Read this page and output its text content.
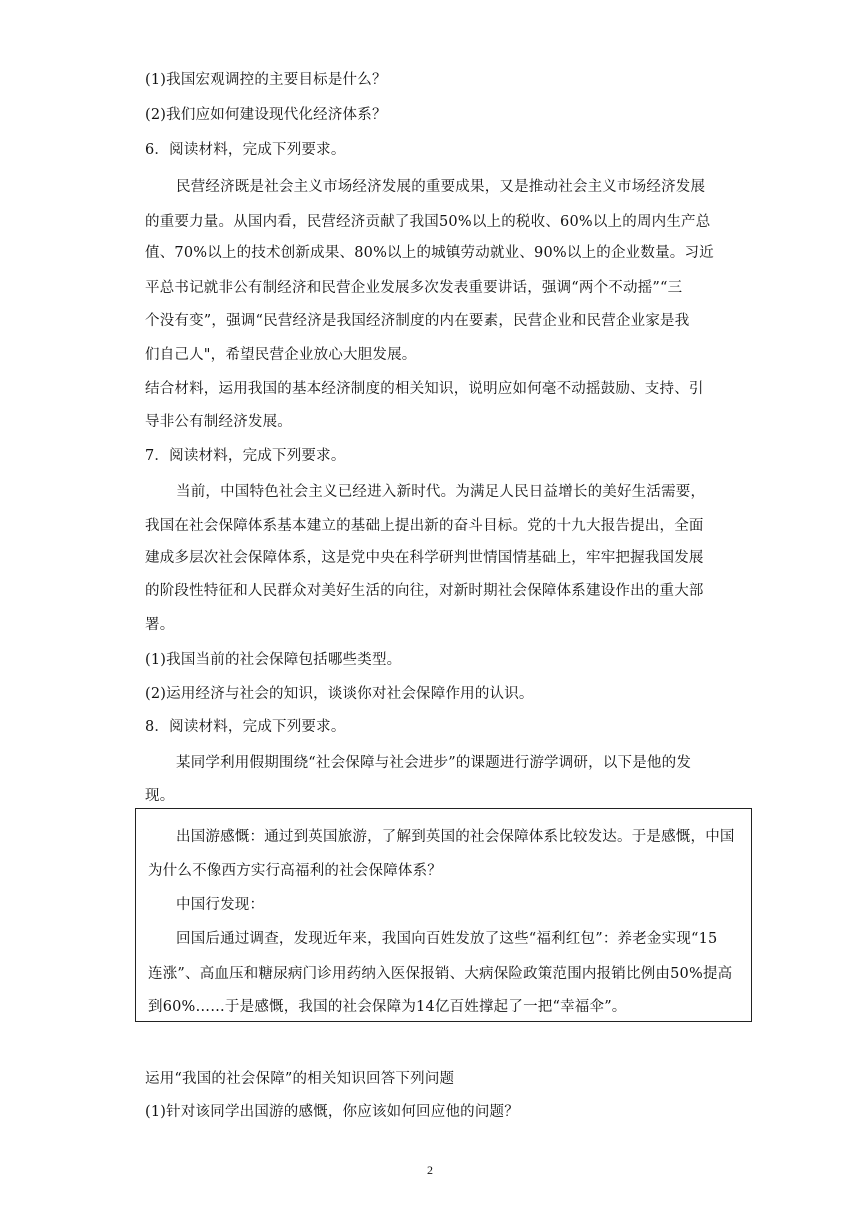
(1)我国宏观调控的主要目标是什么？
(2)我们应如何建设现代化经济体系？
6．阅读材料，完成下列要求。
民营经济既是社会主义市场经济发展的重要成果，又是推动社会主义市场经济发展
的重要力量。从国内看，民营经济贡献了我国50%以上的税收、60%以上的周内生产总
值、70%以上的技术创新成果、80%以上的城镇劳动就业、90%以上的企业数量。习近
平总书记就非公有制经济和民营企业发展多次发表重要讲话，强调“两个不动摇”“三
个没有变”，强调“民营经济是我国经济制度的内在要素，民营企业和民营企业家是我
们自己人"，希望民营企业放心大胆发展。
结合材料，运用我国的基本经济制度的相关知识，说明应如何毫不动摇鼓励、支持、引
导非公有制经济发展。
7．阅读材料，完成下列要求。
当前，中国特色社会主义已经进入新时代。为满足人民日益增长的美好生活需要，
我国在社会保障体系基本建立的基础上提出新的奋斗目标。党的十九大报告提出，全面
建成多层次社会保障体系，这是党中央在科学研判世情国情基础上，牢牢把握我国发展
的阶段性特征和人民群众对美好生活的向往，对新时期社会保障体系建设作出的重大部
署。
(1)我国当前的社会保障包括哪些类型。
(2)运用经济与社会的知识，谈谈你对社会保障作用的认识。
8．阅读材料，完成下列要求。
某同学利用假期围绕“社会保障与社会进步”的课题进行游学调研，以下是他的发
现。
出国游感慨：通过到英国旅游，了解到英国的社会保障体系比较发达。于是感慨，中国
为什么不像西方实行高福利的社会保障体系？
中国行发现：
回国后通过调查，发现近年来，我国向百姓发放了这些“福利红包”：养老金实现“15
连涨”、高血压和糖尿病门诊用药纳入医保报销、大病保险政策范围内报销比例由50%提高
到60%……于是感慨，我国的社会保障为14亿百姓撑起了一把“幸福伞”。
运用“我国的社会保障”的相关知识回答下列问题
(1)针对该同学出国游的感慨，你应该如何回应他的问题？
2
